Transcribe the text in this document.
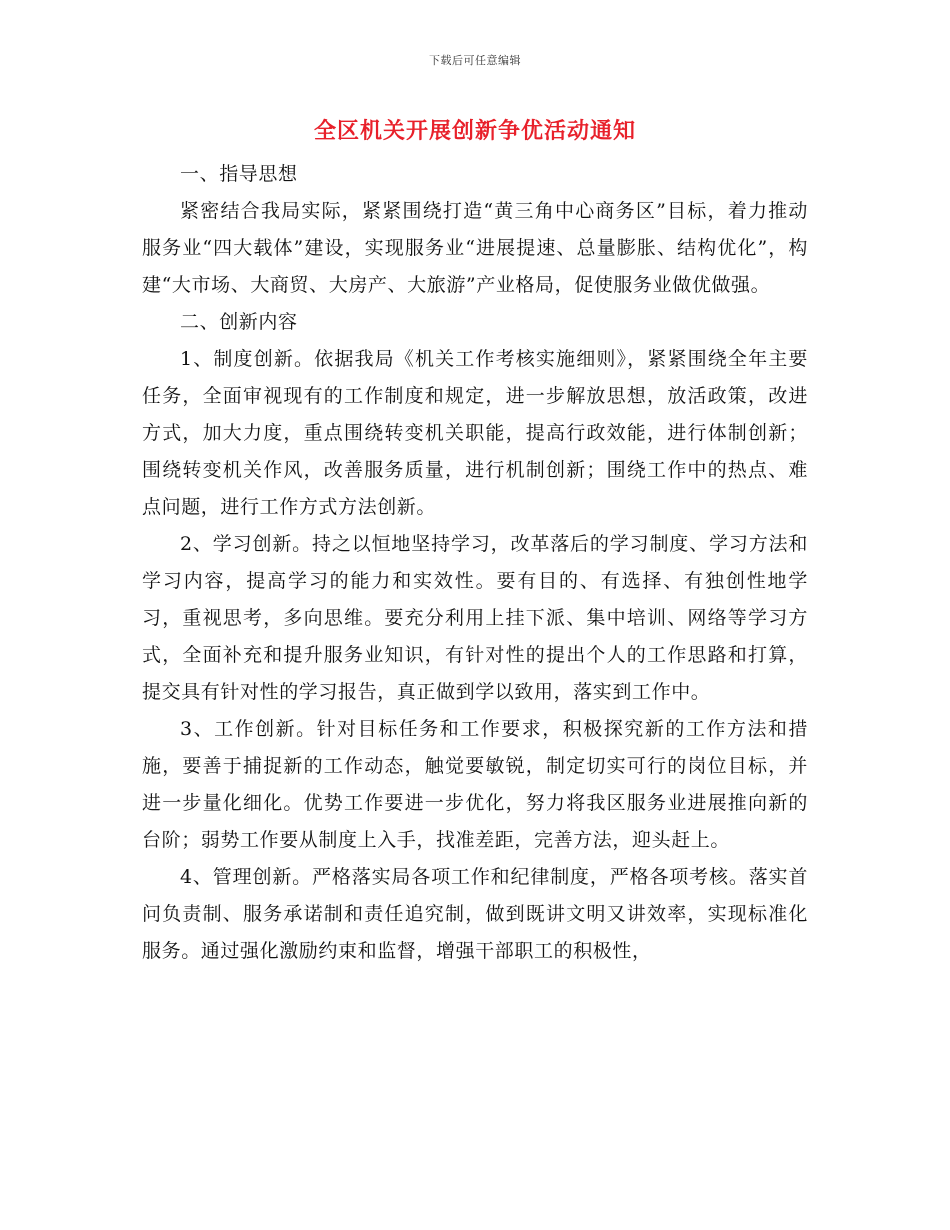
下载后可任意编辑
全区机关开展创新争优活动通知

一、指导思想

紧密结合我局实际，紧紧围绕打造“黄三角中心商务区”目标，着力推动服务业“四大载体”建设，实现服务业“进展提速、总量膨胀、结构优化”，构建“大市场、大商贸、大房产、大旅游”产业格局，促使服务业做优做强。

二、创新内容

1、制度创新。依据我局《机关工作考核实施细则》，紧紧围绕全年主要任务，全面审视现有的工作制度和规定，进一步解放思想，放活政策，改进方式，加大力度，重点围绕转变机关职能，提高行政效能，进行体制创新；围绕转变机关作风，改善服务质量，进行机制创新；围绕工作中的热点、难点问题，进行工作方式方法创新。

2、学习创新。持之以恒地坚持学习，改革落后的学习制度、学习方法和学习内容，提高学习的能力和实效性。要有目的、有选择、有独创性地学习，重视思考，多向思维。要充分利用上挂下派、集中培训、网络等学习方式，全面补充和提升服务业知识，有针对性的提出个人的工作思路和打算，提交具有针对性的学习报告，真正做到学以致用，落实到工作中。

3、工作创新。针对目标任务和工作要求，积极探究新的工作方法和措施，要善于捕捉新的工作动态，触觉要敏锐，制定切实可行的岗位目标，并进一步量化细化。优势工作要进一步优化，努力将我区服务业进展推向新的台阶；弱势工作要从制度上入手，找准差距，完善方法，迎头赶上。

4、管理创新。严格落实局各项工作和纪律制度，严格各项考核。落实首问负责制、服务承诺制和责任追究制，做到既讲文明又讲效率，实现标准化服务。通过强化激励约束和监督，增强干部职工的积极性，
